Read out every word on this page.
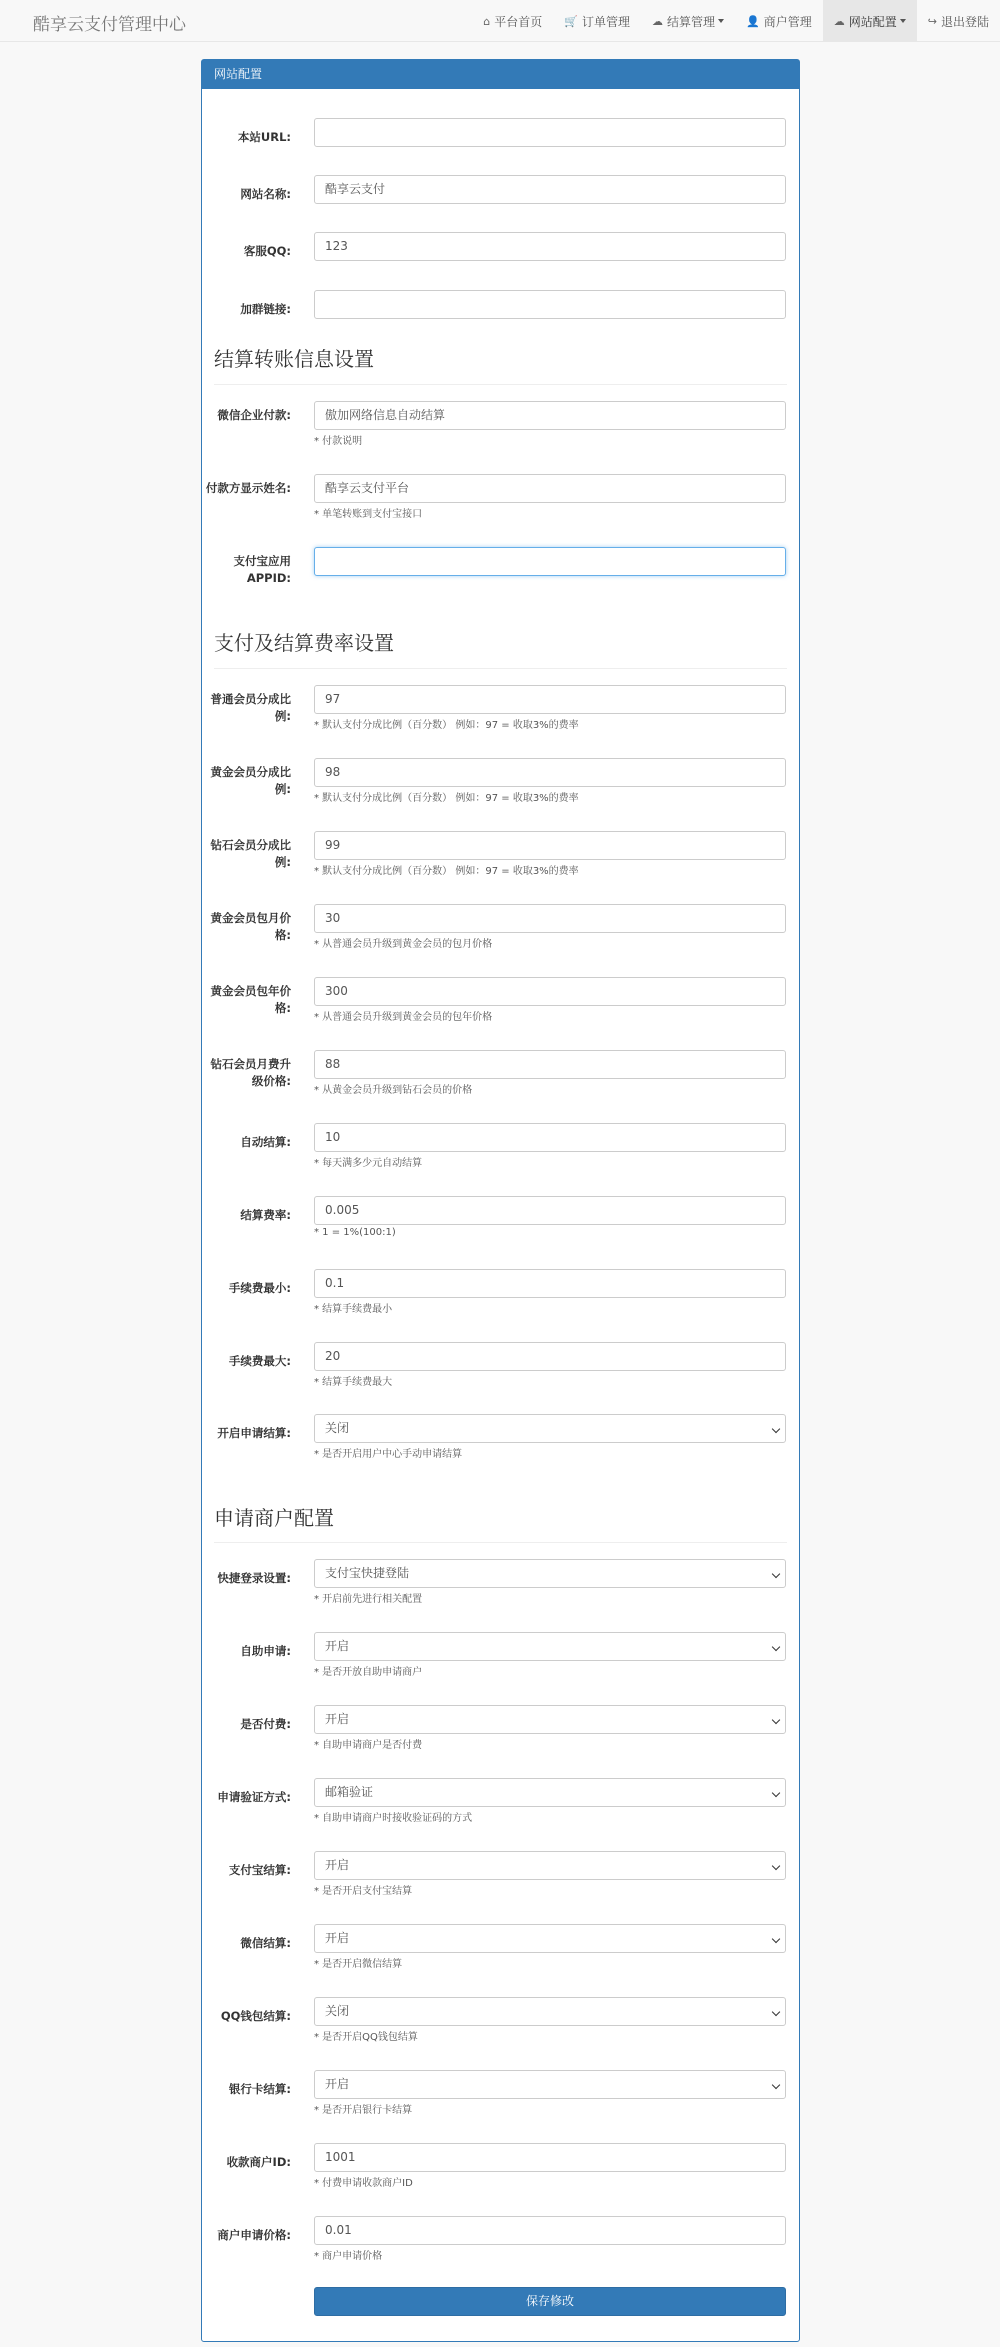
酷享云支付管理中心	⌂ 平台首页 🛒 订单管理 ☁ 结算管理	👤 商户管理 ☁ 网站配置	↪ 退出登陆
网站配置
本站URL:
网站名称:	酷享云支付
客服QQ:	123
加群链接:
结算转账信息设置
微信企业付款:	傲加网络信息自动结算
* 付款说明
付款方显示姓名:	酷享云支付平台
* 单笔转账到支付宝接口
支付宝应用APPID:
支付及结算费率设置
普通会员分成比例:
97
* 默认支付分成比例（百分数） 例如：97 = 收取3%的费率
黄金会员分成比例:
98
* 默认支付分成比例（百分数） 例如：97 = 收取3%的费率
钻石会员分成比例:
99
* 默认支付分成比例（百分数） 例如：97 = 收取3%的费率
黄金会员包月价格:
30
* 从普通会员升级到黄金会员的包月价格
黄金会员包年价格:
300
* 从普通会员升级到黄金会员的包年价格
钻石会员月费升级价格:
88
* 从黄金会员升级到钻石会员的价格
自动结算:	10
* 每天满多少元自动结算
结算费率:	0.005
* 1 = 1%(100:1)
手续费最小:	0.1
* 结算手续费最小
手续费最大:	20
* 结算手续费最大
开启申请结算:	关闭
* 是否开启用户中心手动申请结算
申请商户配置
快捷登录设置:	支付宝快捷登陆
* 开启前先进行相关配置
自助申请:	开启
* 是否开放自助申请商户
是否付费:	开启
* 自助申请商户是否付费
申请验证方式:	邮箱验证
* 自助申请商户时接收验证码的方式
支付宝结算:	开启
* 是否开启支付宝结算
微信结算:	开启
* 是否开启微信结算
QQ钱包结算:	关闭
* 是否开启QQ钱包结算
银行卡结算:	开启
* 是否开启银行卡结算
收款商户ID:	1001
* 付费申请收款商户ID
商户申请价格:	0.01
* 商户申请价格
保存修改
